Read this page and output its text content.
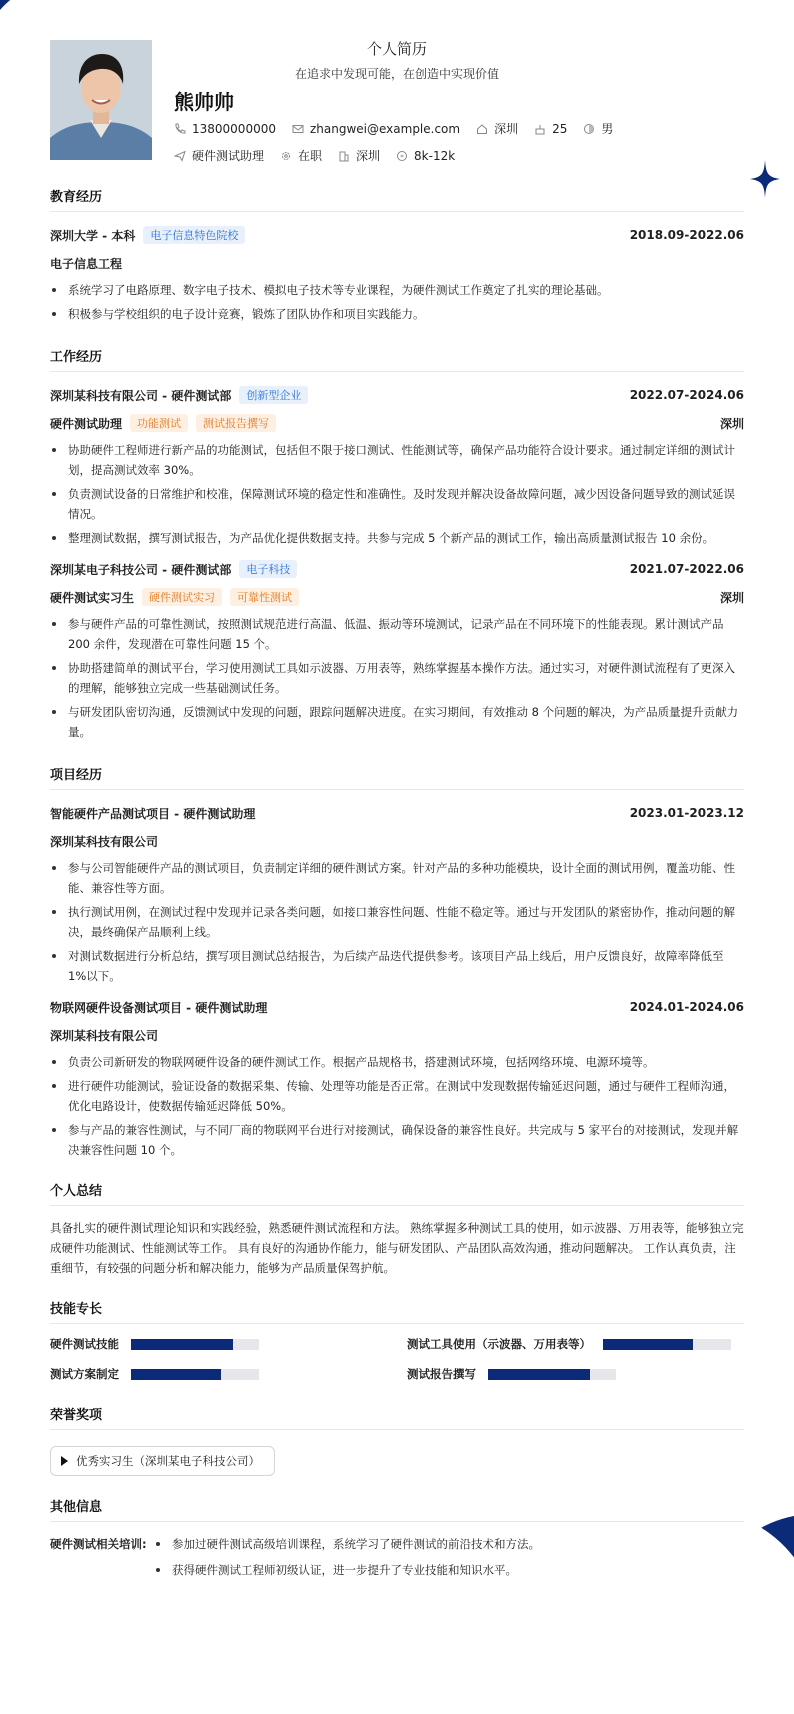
个人简历
在追求中发现可能，在创造中实现价值
熊帅帅
13800000000	zhangwei@example.com	深圳	25	男
硬件测试助理	在职	深圳	8k-12k
教育经历
深圳大学 - 本科	电子信息特色院校	2018.09-2022.06
电子信息工程
系统学习了电路原理、数字电子技术、模拟电子技术等专业课程，为硬件测试工作奠定了扎实的理论基础。
积极参与学校组织的电子设计竞赛，锻炼了团队协作和项目实践能力。
工作经历
深圳某科技有限公司 - 硬件测试部	创新型企业	2022.07-2024.06
硬件测试助理	功能测试	测试报告撰写	深圳
协助硬件工程师进行新产品的功能测试，包括但不限于接口测试、性能测试等，确保产品功能符合设计要求。通过制定详细的测试计划，提高测试效率 30%。
负责测试设备的日常维护和校准，保障测试环境的稳定性和准确性。及时发现并解决设备故障问题，减少因设备问题导致的测试延误情况。
整理测试数据，撰写测试报告，为产品优化提供数据支持。共参与完成 5 个新产品的测试工作，输出高质量测试报告 10 余份。
深圳某电子科技公司 - 硬件测试部	电子科技	2021.07-2022.06
硬件测试实习生	硬件测试实习	可靠性测试	深圳
参与硬件产品的可靠性测试，按照测试规范进行高温、低温、振动等环境测试，记录产品在不同环境下的性能表现。累计测试产品 200 余件，发现潜在可靠性问题 15 个。
协助搭建简单的测试平台，学习使用测试工具如示波器、万用表等，熟练掌握基本操作方法。通过实习，对硬件测试流程有了更深入的理解，能够独立完成一些基础测试任务。
与研发团队密切沟通，反馈测试中发现的问题，跟踪问题解决进度。在实习期间，有效推动 8 个问题的解决，为产品质量提升贡献力量。
项目经历
智能硬件产品测试项目 - 硬件测试助理	2023.01-2023.12
深圳某科技有限公司
参与公司智能硬件产品的测试项目，负责制定详细的硬件测试方案。针对产品的多种功能模块，设计全面的测试用例，覆盖功能、性能、兼容性等方面。
执行测试用例，在测试过程中发现并记录各类问题，如接口兼容性问题、性能不稳定等。通过与开发团队的紧密协作，推动问题的解决，最终确保产品顺利上线。
对测试数据进行分析总结，撰写项目测试总结报告，为后续产品迭代提供参考。该项目产品上线后，用户反馈良好，故障率降低至 1%以下。
物联网硬件设备测试项目 - 硬件测试助理	2024.01-2024.06
深圳某科技有限公司
负责公司新研发的物联网硬件设备的硬件测试工作。根据产品规格书，搭建测试环境，包括网络环境、电源环境等。
进行硬件功能测试，验证设备的数据采集、传输、处理等功能是否正常。在测试中发现数据传输延迟问题，通过与硬件工程师沟通，优化电路设计，使数据传输延迟降低 50%。
参与产品的兼容性测试，与不同厂商的物联网平台进行对接测试，确保设备的兼容性良好。共完成与 5 家平台的对接测试，发现并解决兼容性问题 10 个。
个人总结
具备扎实的硬件测试理论知识和实践经验，熟悉硬件测试流程和方法。 熟练掌握多种测试工具的使用，如示波器、万用表等，能够独立完成硬件功能测试、性能测试等工作。 具有良好的沟通协作能力，能与研发团队、产品团队高效沟通，推动问题解决。 工作认真负责，注重细节，有较强的问题分析和解决能力，能够为产品质量保驾护航。
技能专长
硬件测试技能	测试工具使用（示波器、万用表等）
测试方案制定	测试报告撰写
荣誉奖项
优秀实习生（深圳某电子科技公司）
其他信息
硬件测试相关培训:	参加过硬件测试高级培训课程，系统学习了硬件测试的前沿技术和方法。
获得硬件测试工程师初级认证，进一步提升了专业技能和知识水平。
